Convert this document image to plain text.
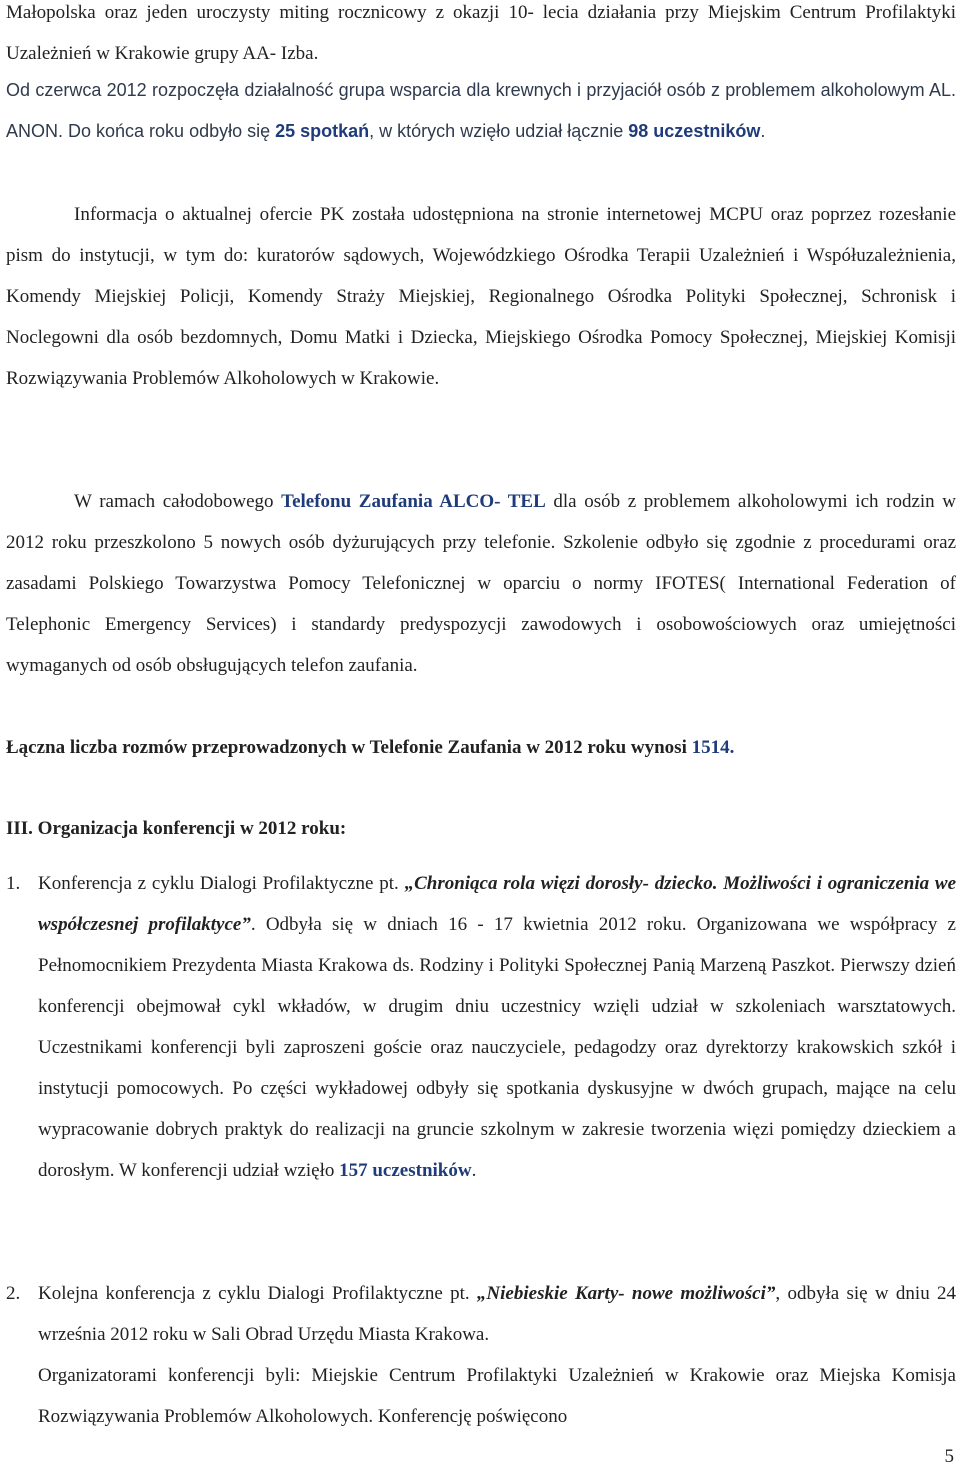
Małopolska oraz jeden uroczysty miting rocznicowy z okazji 10- lecia działania przy Miejskim Centrum Profilaktyki Uzależnień w Krakowie grupy AA- Izba.

Od czerwca 2012 rozpoczęła działalność grupa wsparcia dla krewnych i przyjaciół osób z problemem alkoholowym AL. ANON. Do końca roku odbyło się 25 spotkań, w których wzięło udział łącznie 98 uczestników.

Informacja o aktualnej ofercie PK została udostępniona na stronie internetowej MCPU oraz poprzez rozesłanie pism do instytucji, w tym do: kuratorów sądowych, Wojewódzkiego Ośrodka Terapii Uzależnień i Współuzależnienia, Komendy Miejskiej Policji, Komendy Straży Miejskiej, Regionalnego Ośrodka Polityki Społecznej, Schronisk i Noclegowni dla osób bezdomnych, Domu Matki i Dziecka, Miejskiego Ośrodka Pomocy Społecznej, Miejskiej Komisji Rozwiązywania Problemów Alkoholowych w Krakowie.

W ramach całodobowego Telefonu Zaufania ALCO- TEL dla osób z problemem alkoholowymi ich rodzin w 2012 roku przeszkolono 5 nowych osób dyżurujących przy telefonie. Szkolenie odbyło się zgodnie z procedurami oraz zasadami Polskiego Towarzystwa Pomocy Telefonicznej w oparciu o normy IFOTES( International Federation of Telephonic Emergency Services) i standardy predyspozycji zawodowych i osobowościowych oraz umiejętności wymaganych od osób obsługujących telefon zaufania.

Łączna liczba rozmów przeprowadzonych w Telefonie Zaufania w 2012 roku wynosi 1514.

III. Organizacja konferencji w 2012 roku:

1. Konferencja z cyklu Dialogi Profilaktyczne pt. „Chroniąca rola więzi dorosły- dziecko. Możliwości i ograniczenia we współczesnej profilaktyce”. Odbyła się w dniach 16 - 17 kwietnia 2012 roku. Organizowana we współpracy z Pełnomocnikiem Prezydenta Miasta Krakowa ds. Rodziny i Polityki Społecznej Panią Marzeną Paszkot. Pierwszy dzień konferencji obejmował cykl wkładów, w drugim dniu uczestnicy wzięli udział w szkoleniach warsztatowych. Uczestnikami konferencji byli zaproszeni goście oraz nauczyciele, pedagodzy oraz dyrektorzy krakowskich szkół i instytucji pomocowych. Po części wykładowej odbyły się spotkania dyskusyjne w dwóch grupach, mające na celu wypracowanie dobrych praktyk do realizacji na gruncie szkolnym w zakresie tworzenia więzi pomiędzy dzieckiem a dorosłym. W konferencji udział wzięło 157 uczestników.

2. Kolejna konferencja z cyklu Dialogi Profilaktyczne pt. „Niebieskie Karty- nowe możliwości”, odbyła się w dniu 24 września 2012 roku w Sali Obrad Urzędu Miasta Krakowa.
Organizatorami konferencji byli: Miejskie Centrum Profilaktyki Uzależnień w Krakowie oraz Miejska Komisja Rozwiązywania Problemów Alkoholowych. Konferencję poświęcono

5
